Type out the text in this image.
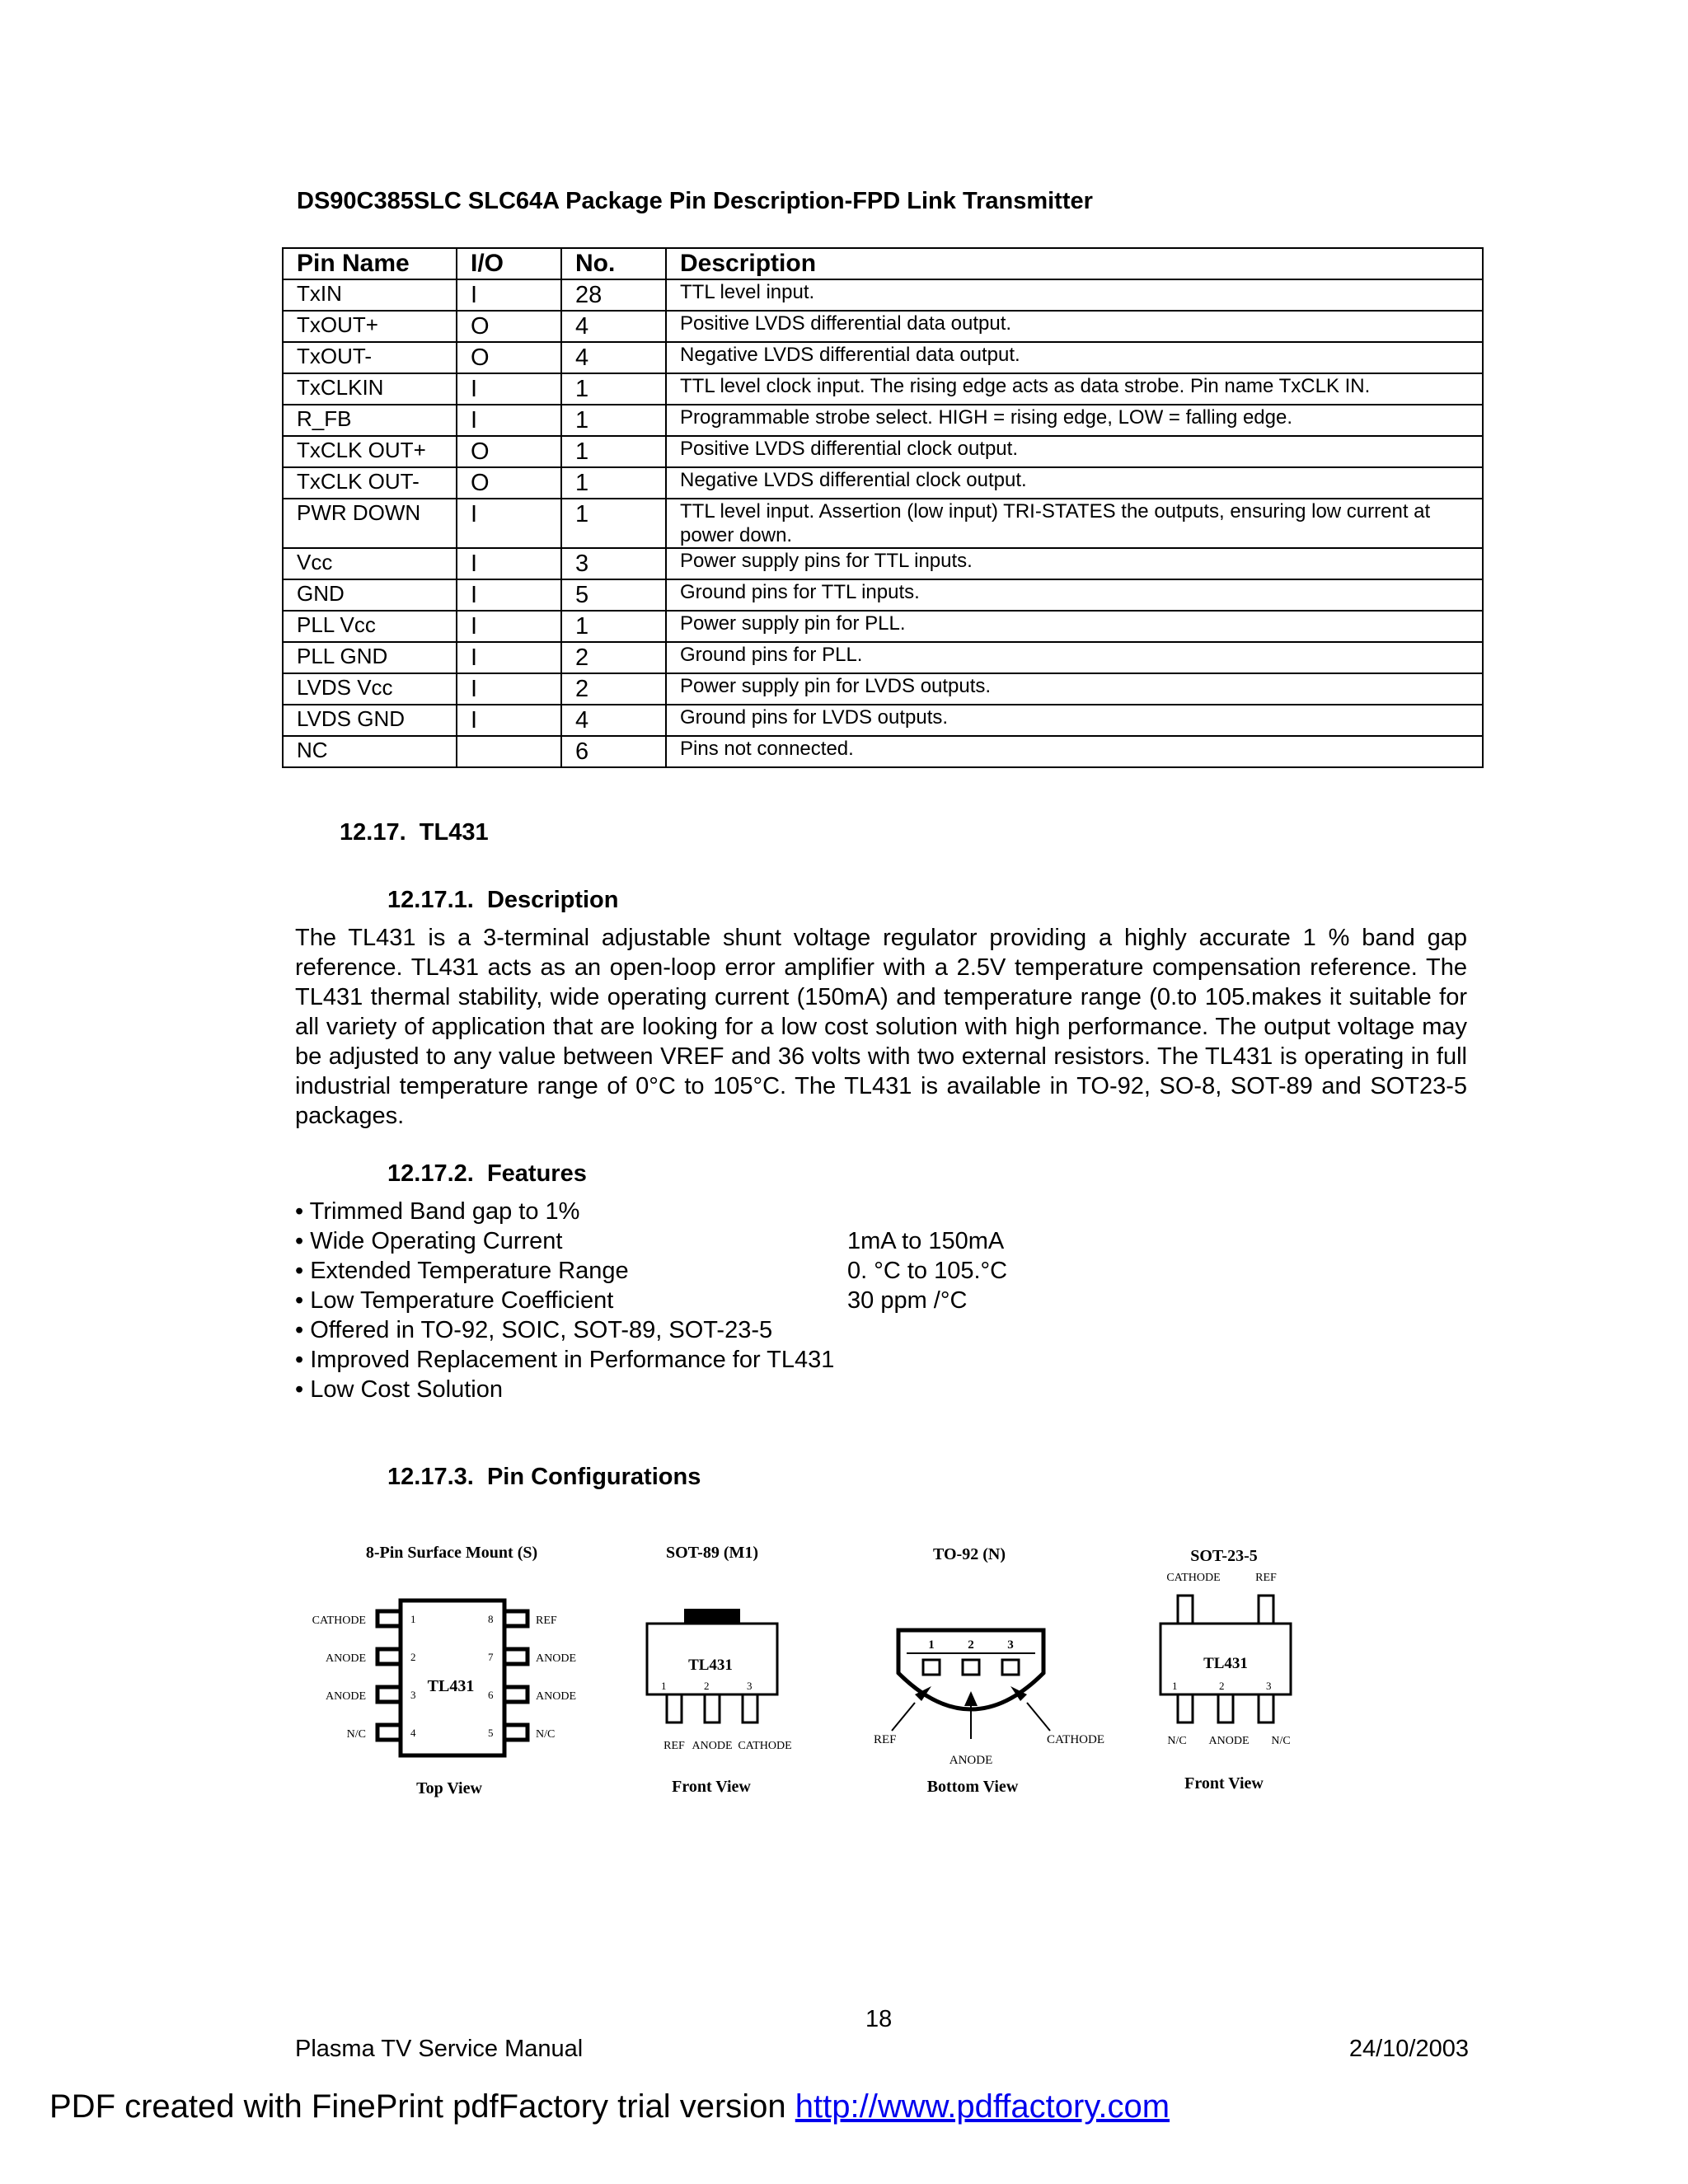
DS90C385SLC SLC64A Package Pin Description-FPD Link Transmitter
Pin Name	I/O	No.	Description
TxIN	I	28	TTL level input.
TxOUT+	O	4	Positive LVDS differential data output.
TxOUT-	O	4	Negative LVDS differential data output.
TxCLKIN	I	1	TTL level clock input. The rising edge acts as data strobe. Pin name TxCLK IN.
R_FB	I	1	Programmable strobe select. HIGH = rising edge, LOW = falling edge.
TxCLK OUT+	O	1	Positive LVDS differential clock output.
TxCLK OUT-	O	1	Negative LVDS differential clock output.
PWR DOWN	I	1	TTL level input. Assertion (low input) TRI-STATES the outputs, ensuring low current at power down.
Vcc	I	3	Power supply pins for TTL inputs.
GND	I	5	Ground pins for TTL inputs.
PLL Vcc	I	1	Power supply pin for PLL.
PLL GND	I	2	Ground pins for PLL.
LVDS Vcc	I	2	Power supply pin for LVDS outputs.
LVDS GND	I	4	Ground pins for LVDS outputs.
NC		6	Pins not connected.
12.17. TL431
12.17.1. Description
The TL431 is a 3-terminal adjustable shunt voltage regulator providing a highly accurate 1 % band gap reference. TL431 acts as an open-loop error amplifier with a 2.5V temperature compensation reference. The TL431 thermal stability, wide operating current (150mA) and temperature range (0.to 105.makes it suitable for all variety of application that are looking for a low cost solution with high performance. The output voltage may be adjusted to any value between VREF and 36 volts with two external resistors. The TL431 is operating in full industrial temperature range of 0°C to 105°C. The TL431 is available in TO-92, SO-8, SOT-89 and SOT23-5 packages.
12.17.2. Features
• Trimmed Band gap to 1%
• Wide Operating Current	1mA to 150mA
• Extended Temperature Range	0. °C to 105.°C
• Low Temperature Coefficient	30 ppm /°C
• Offered in TO-92, SOIC, SOT-89, SOT-23-5
• Improved Replacement in Performance for TL431
• Low Cost Solution
12.17.3. Pin Configurations
8-Pin Surface Mount (S)
TL431
1
CATHODE
2
ANODE
3
ANODE
4
N/C
8	REF
7	ANODE
6	ANODE
5	N/C
Top View
SOT-89 (M1)
TL431
1
REF
2
ANODE
3
CATHODE
Front View
TO-92 (N)
1	2	3
REF
ANODE
CATHODE
Bottom View
SOT-23-5
CATHODE	REF
TL431
1
N/C
2
ANODE
3
N/C
Front View
18
Plasma TV Service Manual	24/10/2003
PDF created with FinePrint pdfFactory trial version http://www.pdffactory.com
